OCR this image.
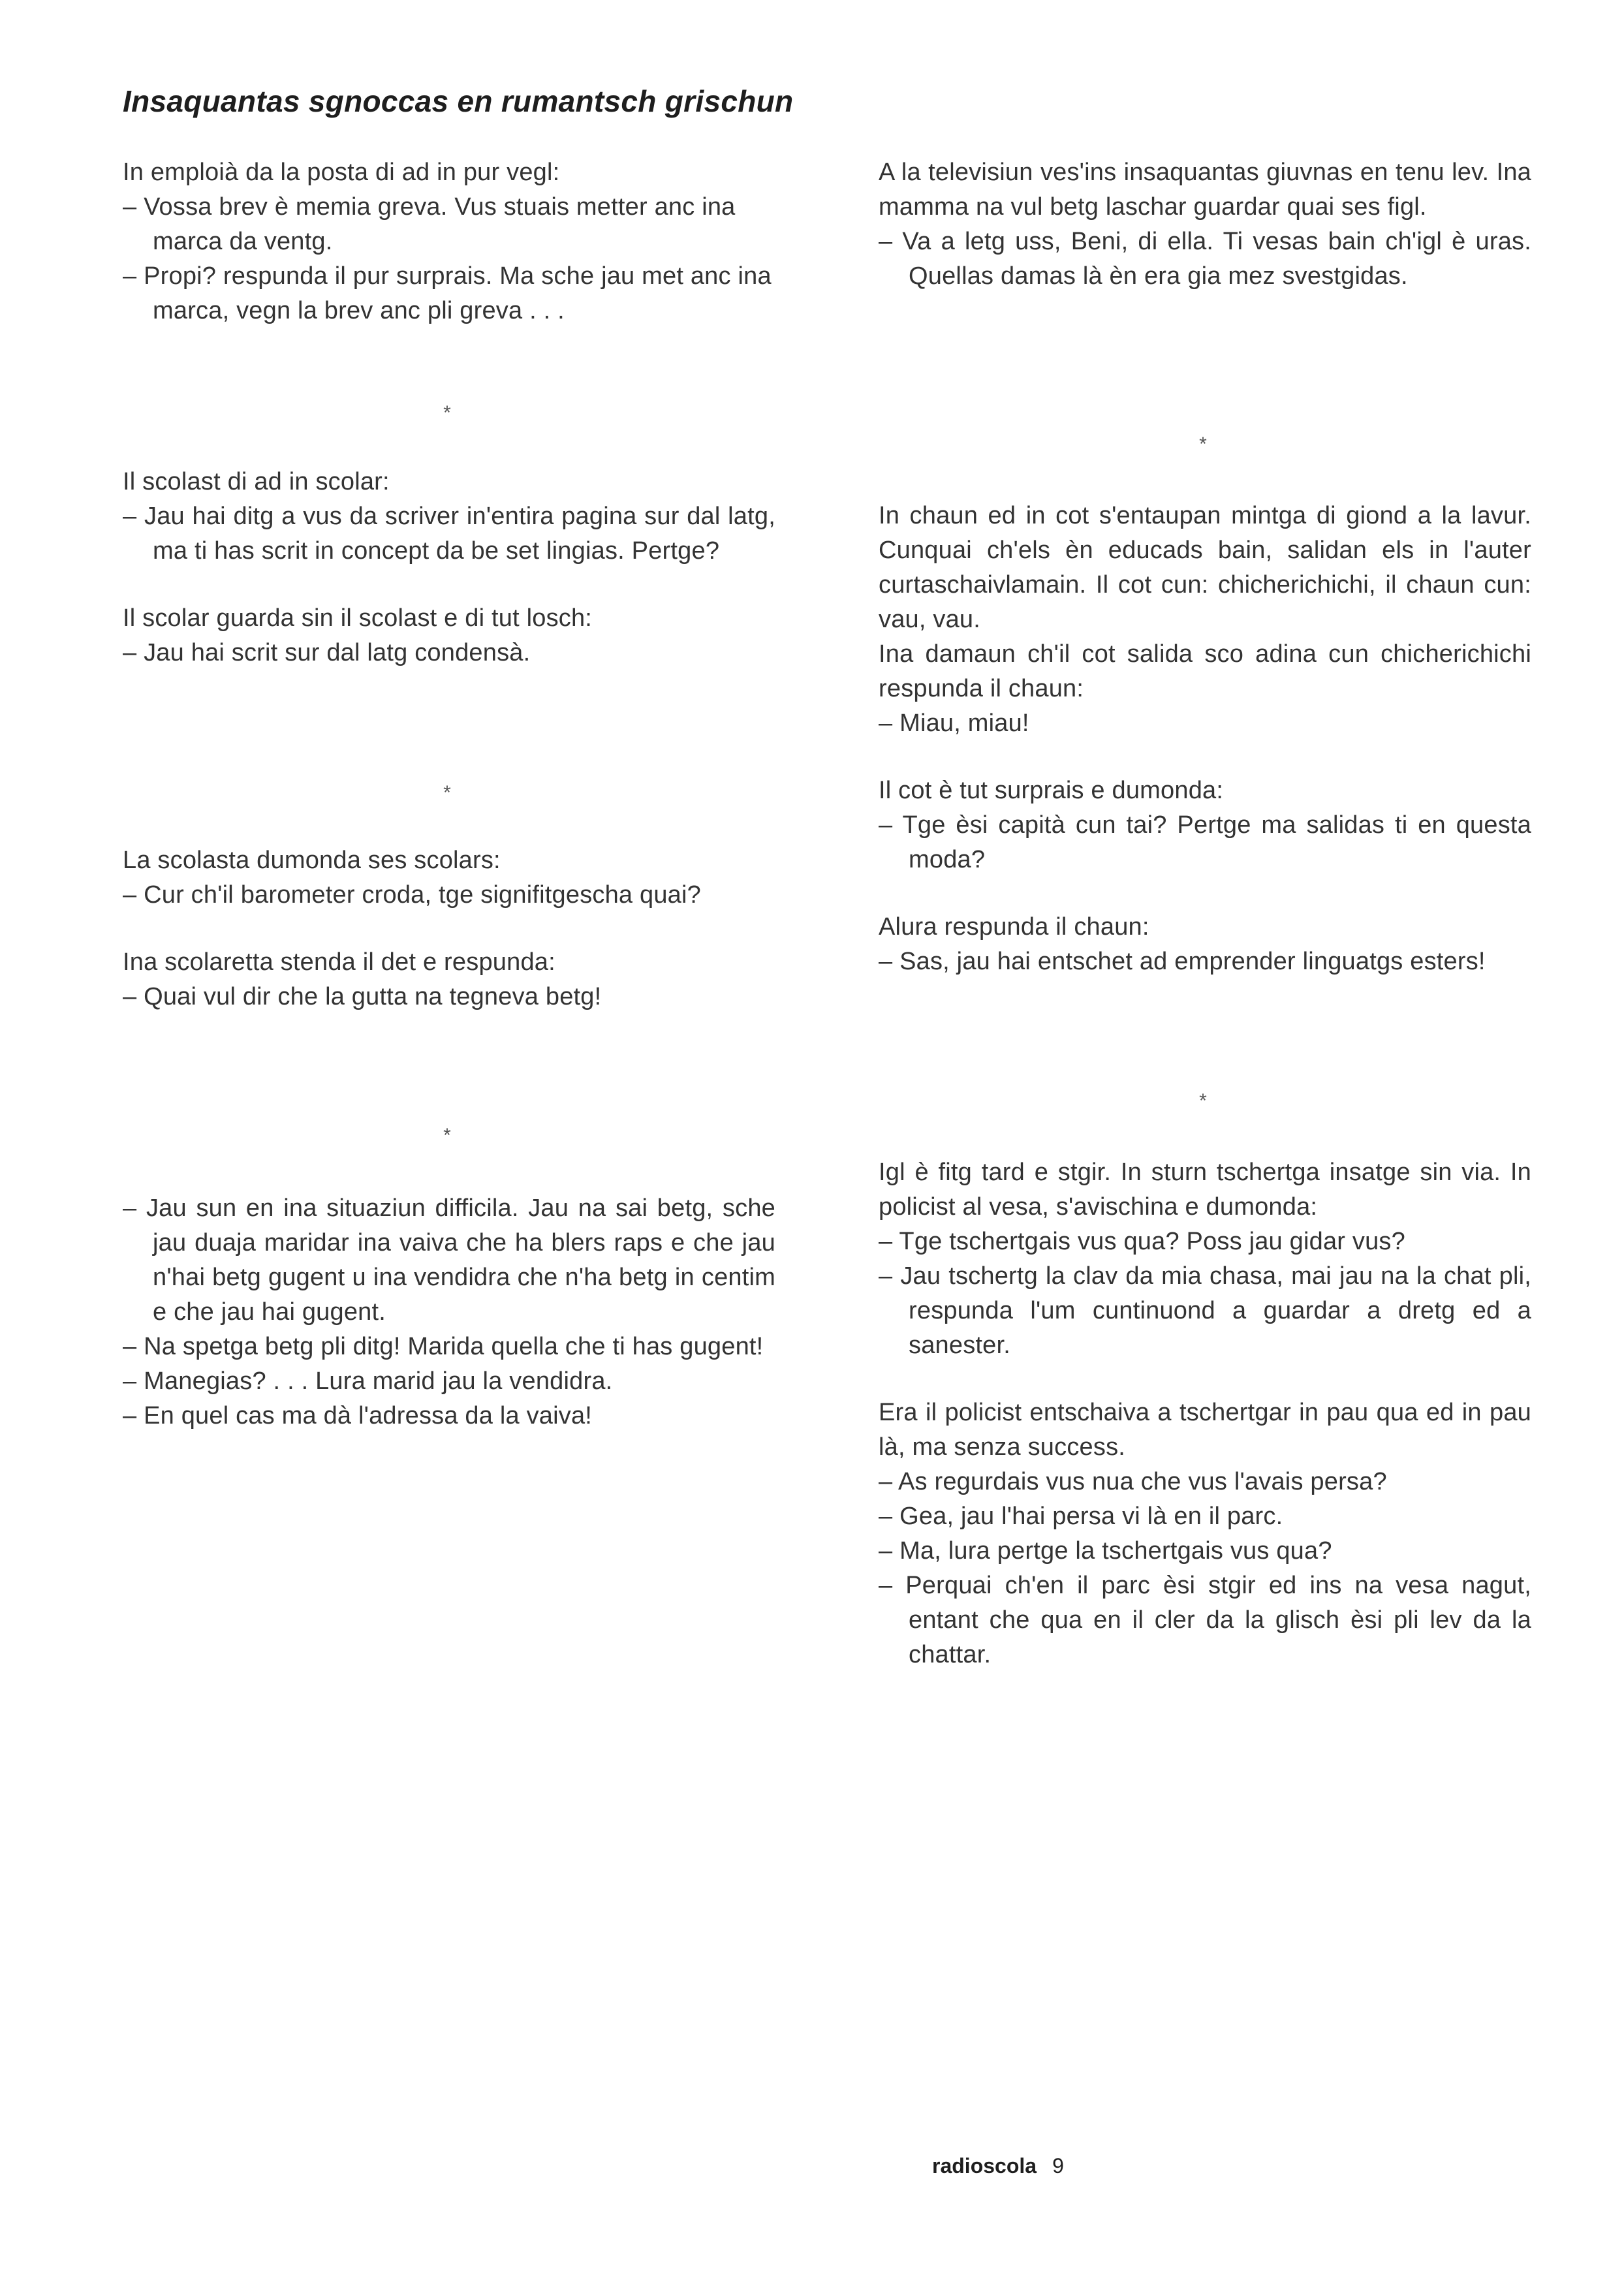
Insaquantas sgnoccas en rumantsch grischun
In emploià da la posta di ad in pur vegl:
– Vossa brev è memia greva. Vus stuais metter anc ina marca da ventg.
– Propi? respunda il pur surprais. Ma sche jau met anc ina marca, vegn la brev anc pli greva . . .
*

Il scolast di ad in scolar:
– Jau hai ditg a vus da scriver in'entira pagina sur dal latg, ma ti has scrit in concept da be set lingias. Pertge?

Il scolar guarda sin il scolast e di tut losch:
– Jau hai scrit sur dal latg condensà.

*

La scolasta dumonda ses scolars:
– Cur ch'il barometer croda, tge signifitgescha quai?

Ina scolaretta stenda il det e respunda:
– Quai vul dir che la gutta na tegneva betg!

*
– Jau sun en ina situaziun difficila. Jau na sai betg, sche jau duaja maridar ina vaiva che ha blers raps e che jau n'hai betg gugent u ina vendidra che n'ha betg in centim e che jau hai gugent.
– Na spetga betg pli ditg! Marida quella che ti has gugent!
– Manegias? . . . Lura marid jau la vendidra.
– En quel cas ma dà l'adressa da la vaiva!
A la televisiun ves'ins insaquantas giuvnas en tenu lev. Ina mamma na vul betg laschar guardar quai ses figl.
– Va a letg uss, Beni, di ella. Ti vesas bain ch'igl è uras. Quellas damas là èn era gia mez svestgidas.
*

In chaun ed in cot s'entaupan mintga di giond a la lavur. Cunquai ch'els èn educads bain, salidan els in l'auter curtaschaivlamain. Il cot cun: chicherichichi, il chaun cun: vau, vau.
Ina damaun ch'il cot salida sco adina cun chicherichichi respunda il chaun:
– Miau, miau!

Il cot è tut surprais e dumonda:
– Tge èsi capità cun tai? Pertge ma salidas ti en questa moda?

Alura respunda il chaun:
– Sas, jau hai entschet ad emprender linguatgs esters!

*

Igl è fitg tard e stgir. In sturn tschertga insatge sin via. In policist al vesa, s'avischina e dumonda:
– Tge tschertgais vus qua? Poss jau gidar vus?
– Jau tschertg la clav da mia chasa, mai jau na la chat pli, respunda l'um cuntinuond a guardar a dretg ed a sanester.

Era il policist entschaiva a tschertgar in pau qua ed in pau là, ma senza success.
– As regurdais vus nua che vus l'avais persa?
– Gea, jau l'hai persa vi là en il parc.
– Ma, lura pertge la tschertgais vus qua?
– Perquai ch'en il parc èsi stgir ed ins na vesa nagut, entant che qua en il cler da la glisch èsi pli lev da la chattar.

radioscola 9
